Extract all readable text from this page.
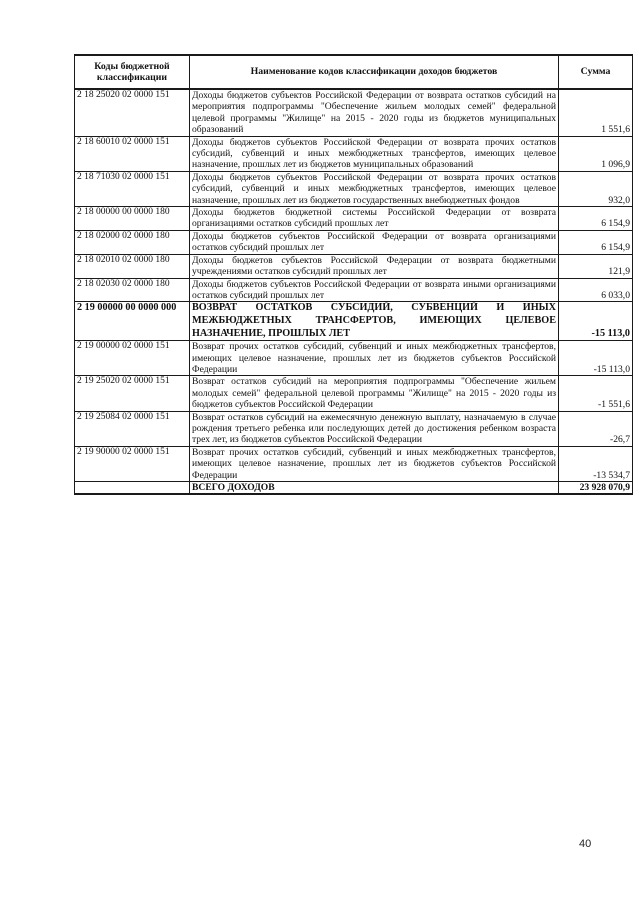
Коды бюджетной классификации	Наименование кодов классификации доходов бюджетов	Сумма
2 18 25020 02 0000 151	Доходы бюджетов субъектов Российской Федерации от возврата остатков субсидий на мероприятия подпрограммы "Обеспечение жильем молодых семей" федеральной целевой программы "Жилище" на 2015 - 2020 годы из бюджетов муниципальных образований	1 551,6
2 18 60010 02 0000 151	Доходы бюджетов субъектов Российской Федерации от возврата прочих остатков субсидий, субвенций и иных межбюджетных трансфертов, имеющих целевое назначение, прошлых лет из бюджетов муниципальных образований	1 096,9
2 18 71030 02 0000 151	Доходы бюджетов субъектов Российской Федерации от возврата прочих остатков субсидий, субвенций и иных межбюджетных трансфертов, имеющих целевое назначение, прошлых лет из бюджетов государственных внебюджетных фондов	932,0
2 18 00000 00 0000 180	Доходы бюджетов бюджетной системы Российской Федерации от возврата организациями остатков субсидий прошлых лет	6 154,9
2 18 02000 02 0000 180	Доходы бюджетов субъектов Российской Федерации от возврата организациями остатков субсидий прошлых лет	6 154,9
2 18 02010 02 0000 180	Доходы бюджетов субъектов Российской Федерации от возврата бюджетными учреждениями остатков субсидий прошлых лет	121,9
2 18 02030 02 0000 180	Доходы бюджетов субъектов Российской Федерации от возврата иными организациями остатков субсидий прошлых лет	6 033,0
2 19 00000 00 0000 000	ВОЗВРАТ ОСТАТКОВ СУБСИДИЙ, СУБВЕНЦИЙ И ИНЫХ МЕЖБЮДЖЕТНЫХ ТРАНСФЕРТОВ, ИМЕЮЩИХ ЦЕЛЕВОЕ НАЗНАЧЕНИЕ, ПРОШЛЫХ ЛЕТ	-15 113,0
2 19 00000 02 0000 151	Возврат прочих остатков субсидий, субвенций и иных межбюджетных трансфертов, имеющих целевое назначение, прошлых лет из бюджетов субъектов Российской Федерации	-15 113,0
2 19 25020 02 0000 151	Возврат остатков субсидий на мероприятия подпрограммы "Обеспечение жильем молодых семей" федеральной целевой программы "Жилище" на 2015 - 2020 годы из бюджетов субъектов Российской Федерации	-1 551,6
2 19 25084 02 0000 151	Возврат остатков субсидий на ежемесячную денежную выплату, назначаемую в случае рождения третьего ребенка или последующих детей до достижения ребенком возраста трех лет, из бюджетов субъектов Российской Федерации	-26,7
2 19 90000 02 0000 151	Возврат прочих остатков субсидий, субвенций и иных межбюджетных трансфертов, имеющих целевое назначение, прошлых лет из бюджетов субъектов Российской Федерации	-13 534,7
	ВСЕГО ДОХОДОВ	23 928 070,9
40
